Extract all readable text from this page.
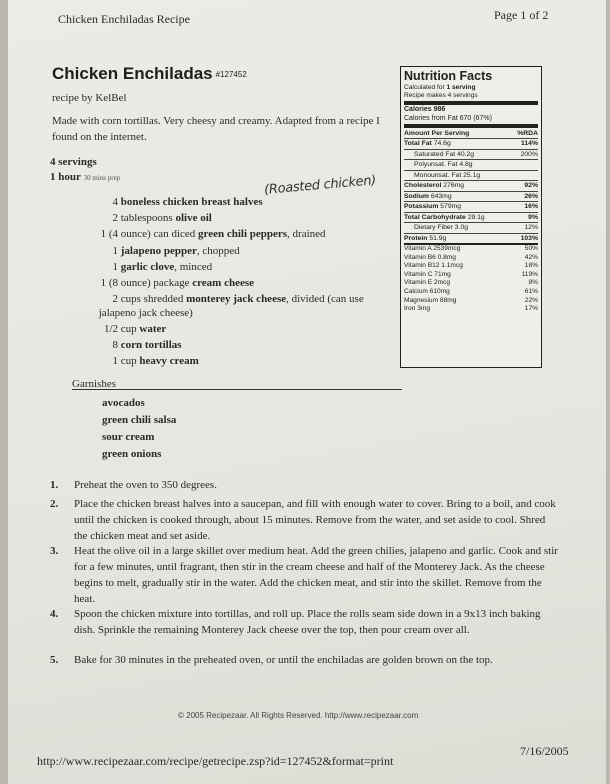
Chicken Enchiladas Recipe	Page 1 of 2
Chicken Enchiladas #127452
recipe by KelBel
Made with corn tortillas. Very cheesy and creamy. Adapted from a recipe I found on the internet.
4 servings
1 hour 30 mins prep	(Roasted chicken)
4 boneless chicken breast halves
2 tablespoons olive oil
1 (4 ounce) can diced green chili peppers, drained
1 jalapeno pepper, chopped
1 garlic clove, minced
1 (8 ounce) package cream cheese
2 cups shredded monterey jack cheese, divided (can use
jalapeno jack cheese)
1/2 cup water
8 corn tortillas
1 cup heavy cream
Garnishes
avocados
green chili salsa
sour cream
green onions
1. Preheat the oven to 350 degrees.
2. Place the chicken breast halves into a saucepan, and fill with enough water to cover. Bring to a boil, and cook until the chicken is cooked through, about 15 minutes. Remove from the water, and set aside to cool. Shred the chicken meat and set aside.
3. Heat the olive oil in a large skillet over medium heat. Add the green chilies, jalapeno and garlic. Cook and stir for a few minutes, until fragrant, then stir in the cream cheese and half of the Monterey Jack. As the cheese begins to melt, gradually stir in the water. Add the chicken meat, and stir into the skillet. Remove from the heat.
4. Spoon the chicken mixture into tortillas, and roll up. Place the rolls seam side down in a 9x13 inch baking dish. Sprinkle the remaining Monterey Jack cheese over the top, then pour cream over all.
5. Bake for 30 minutes in the preheated oven, or until the enchiladas are golden brown on the top.
© 2005 Recipezaar. All Rights Reserved. http://www.recipezaar.com
http://www.recipezaar.com/recipe/getrecipe.zsp?id=127452&format=print
7/16/2005
Nutrition Facts
Calculated for 1 serving
Recipe makes 4 servings
Calories 986
Calories from Fat 670 (67%)
Amount Per Serving	%RDA
Total Fat 74.6g	114%
Saturated Fat 40.2g	200%
Polyunsat. Fat 4.8g
Monounsat. Fat 25.1g
Cholesterol 276mg	92%
Sodium 643mg	26%
Potassium 579mg	16%
Total Carbohydrate 29.1g	9%
Dietary Fiber 3.0g	12%
Protein 51.9g	103%
Vitamin A 2539mcg	50%
Vitamin B6 0.8mg	42%
Vitamin B12 1.1mcg	18%
Vitamin C 71mg	119%
Vitamin E 2mcg	8%
Calcium 610mg	61%
Magnesium 88mg	22%
Iron 3mg	17%
